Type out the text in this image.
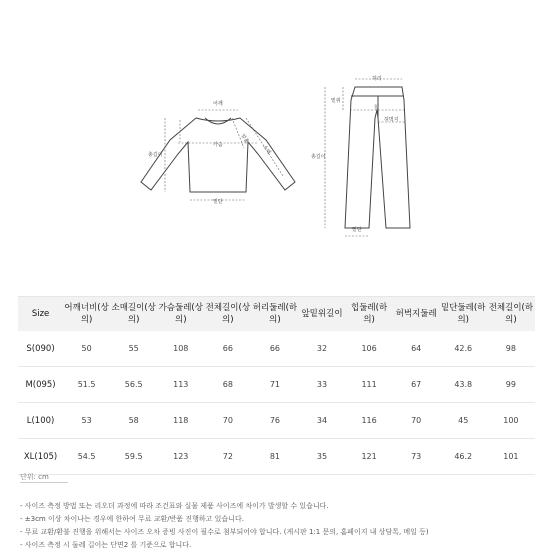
어깨
소매
암홀
가슴
총길이
밑단
허리
밑위
힙
허벅지
총길이
밑단
Size	어깨너비(상의)	소매길이(상의)	가슴둘레(상의)	전체길이(상의)	허리둘레(하의)	앞밑위길이	힙둘레(하의)	허벅지둘레	밑단둘레(하의)	전체길이(하의)
S(090)	50	55	108	66	66	32	106	64	42.6	98
M(095)	51.5	56.5	113	68	71	33	111	67	43.8	99
L(100)	53	58	118	70	76	34	116	70	45	100
XL(105)	54.5	59.5	123	72	81	35	121	73	46.2	101
단위: cm
- 사이즈 측정 방법 또는 리오더 과정에 따라 조건표와 실물 제품 사이즈에 차이가 발생할 수 있습니다.
- ±3cm 이상 차이나는 경우에 한하여 무료 교환/반품 진행하고 있습니다.
- 무료 교환/환불 진행을 위해서는 사이즈 오차 증빙 사진이 필수로 첨부되어야 합니다. (게시판 1:1 문의, 홈페이지 내 상담톡, 메일 등)
- 사이즈 측정 시 둘레 길이는 단면2 를 기준으로 합니다.
